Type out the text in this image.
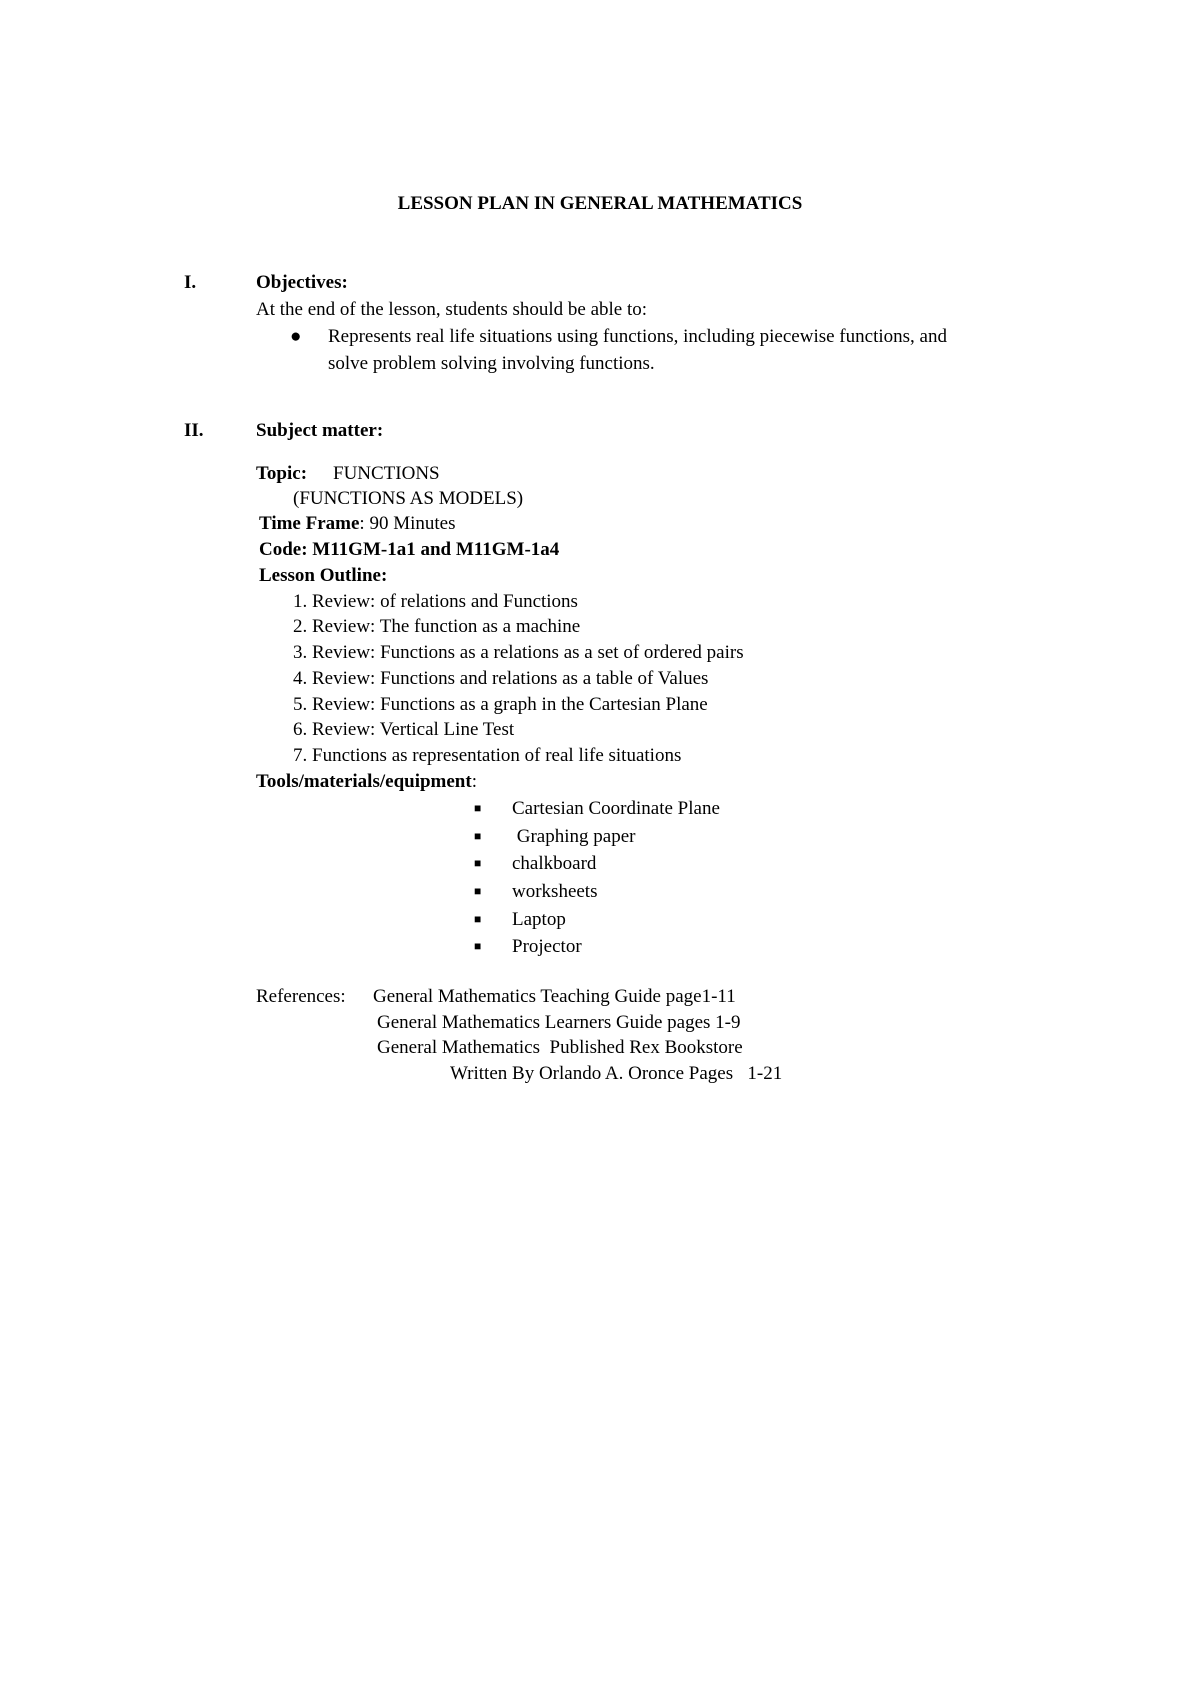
LESSON PLAN IN GENERAL MATHEMATICS
I.	Objectives:
At the end of the lesson, students should be able to:
● Represents real life situations using functions, including piecewise functions, and
solve problem solving involving functions.
II.	Subject matter:
Topic: FUNCTIONS
(FUNCTIONS AS MODELS)
Time Frame: 90 Minutes
Code: M11GM-1a1 and M11GM-1a4
Lesson Outline:
1. Review: of relations and Functions
2. Review: The function as a machine
3. Review: Functions as a relations as a set of ordered pairs
4. Review: Functions and relations as a table of Values
5. Review: Functions as a graph in the Cartesian Plane
6. Review: Vertical Line Test
7. Functions as representation of real life situations
Tools/materials/equipment:
■ Cartesian Coordinate Plane
■ Graphing paper
■ chalkboard
■ worksheets
■ Laptop
■ Projector
References: General Mathematics Teaching Guide page1-11
General Mathematics Learners Guide pages 1-9
General Mathematics  Published Rex Bookstore
Written By Orlando A. Oronce Pages   1-21
